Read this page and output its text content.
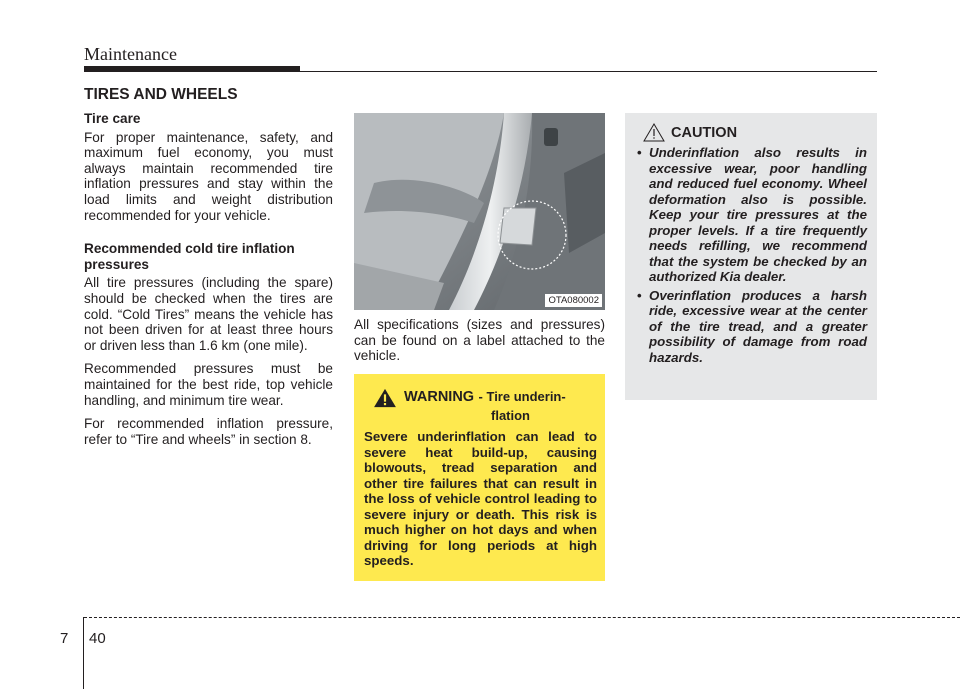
Maintenance
TIRES AND WHEELS
Tire care

For proper maintenance, safety, and maximum fuel economy, you must always maintain recommended tire inflation pressures and stay within the load limits and weight distribution recommended for your vehicle.

Recommended cold tire inflation pressures

All tire pressures (including the spare) should be checked when the tires are cold. “Cold Tires” means the vehicle has not been driven for at least three hours or driven less than 1.6 km (one mile).

Recommended pressures must be maintained for the best ride, top vehicle handling, and minimum tire wear.

For recommended inflation pressure, refer to “Tire and wheels” in section 8.

OTA080002
All specifications (sizes and pressures) can be found on a label attached to the vehicle.
WARNING - Tire underin-
flation
Severe underinflation can lead to severe heat build-up, causing blowouts, tread separation and other tire failures that can result in the loss of vehicle control leading to severe injury or death. This risk is much higher on hot days and when driving for long periods at high speeds.
CAUTION
• Underinflation also results in excessive wear, poor handling and reduced fuel economy. Wheel deformation also is possible. Keep your tire pressures at the proper levels. If a tire frequently needs refilling, we recommend that the system be checked by an authorized Kia dealer.
• Overinflation produces a harsh ride, excessive wear at the center of the tire tread, and a greater possibility of damage from road hazards.
7 40
